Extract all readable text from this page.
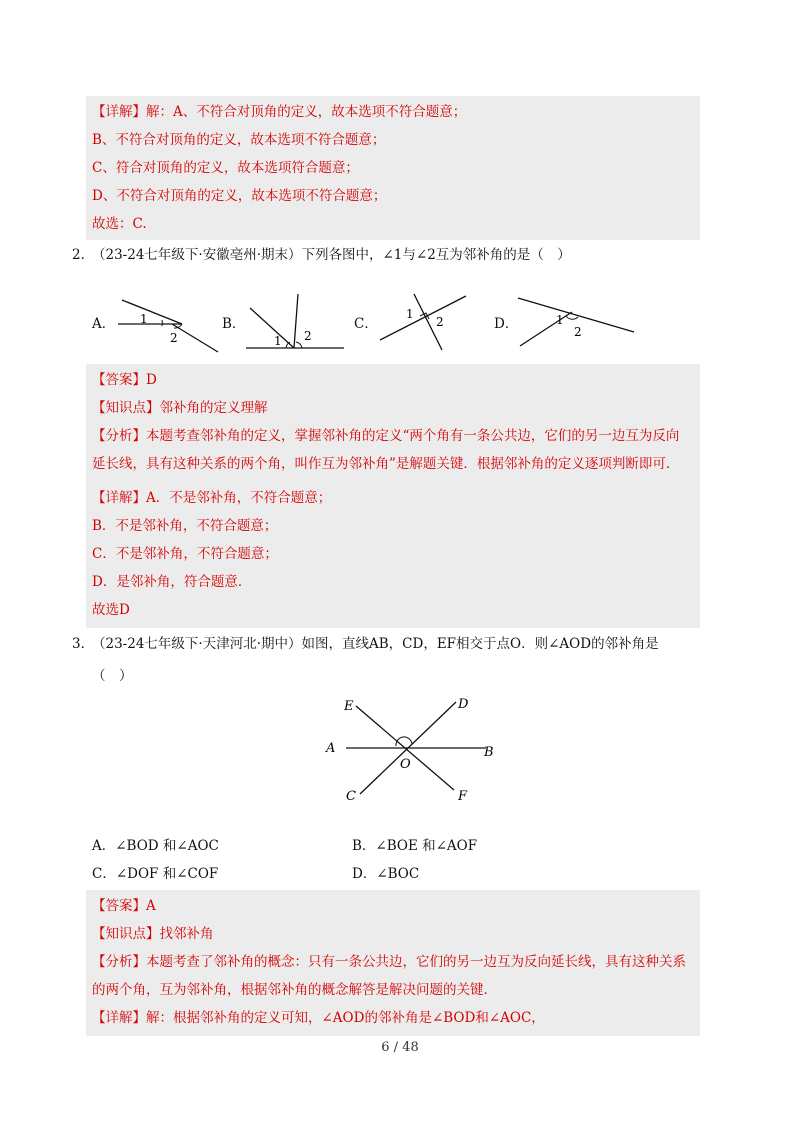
【详解】解：A、不符合对顶角的定义，故本选项不符合题意；
B、不符合对顶角的定义，故本选项不符合题意；
C、符合对顶角的定义，故本选项符合题意；
D、不符合对顶角的定义，故本选项不符合题意；
故选：C.
2．
（23-24七年级下·安徽亳州·期末）下列各图中，∠1与∠2互为邻补角的是（　）
A． 1
2
B．
1 2
C．
1
2	D．	1
2
【答案】D
【知识点】邻补角的定义理解
【分析】本题考查邻补角的定义，掌握邻补角的定义“两个角有一条公共边，它们的另一边互为反向
延长线，具有这种关系的两个角，叫作互为邻补角”是解题关键．根据邻补角的定义逐项判断即可．
【详解】A．不是邻补角，不符合题意；
B．不是邻补角，不符合题意；
C．不是邻补角，不符合题意；
D．是邻补角，符合题意．
故选D
3．
（23-24七年级下·天津河北·期中）如图，直线AB，CD，EF相交于点O．则∠AOD的邻补角是
（　）
E	D
A	B
O
C	F
A．∠BOD 和∠AOC	B．∠BOE 和∠AOF
C．∠DOF 和∠COF	D．∠BOC
【答案】A
【知识点】找邻补角
【分析】本题考查了邻补角的概念：只有一条公共边，它们的另一边互为反向延长线，具有这种关系
的两个角，互为邻补角，根据邻补角的概念解答是解决问题的关键．
【详解】解：根据邻补角的定义可知，∠AOD的邻补角是∠BOD和∠AOC，
6 / 48
